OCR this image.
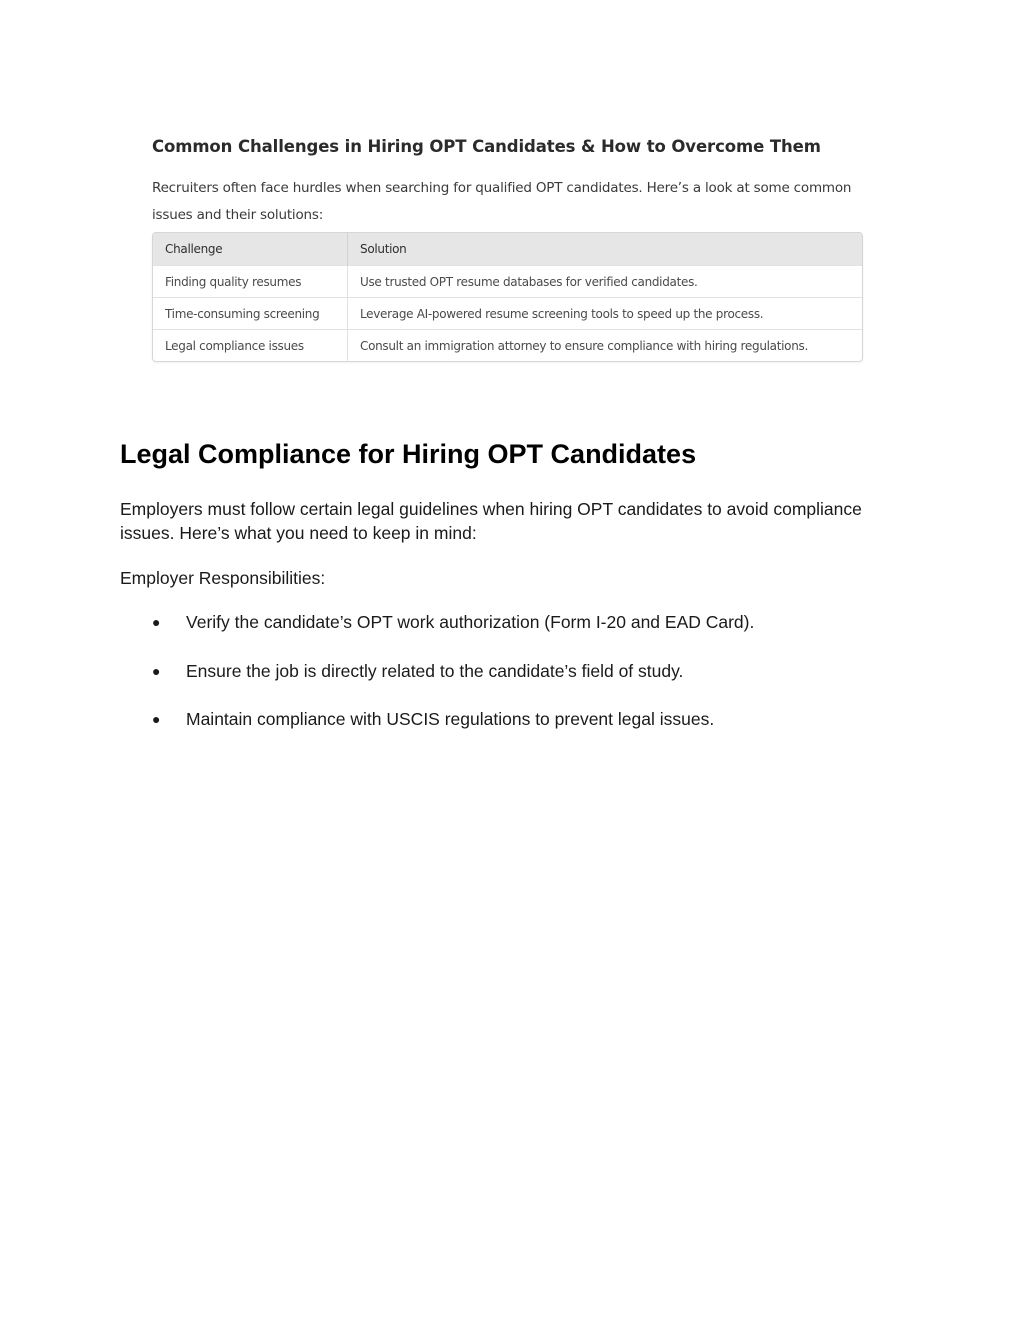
Common Challenges in Hiring OPT Candidates & How to Overcome Them
Recruiters often face hurdles when searching for qualified OPT candidates. Here’s a look at some common issues and their solutions:
Challenge	Solution
Finding quality resumes	Use trusted OPT resume databases for verified candidates.
Time-consuming screening	Leverage AI-powered resume screening tools to speed up the process.
Legal compliance issues	Consult an immigration attorney to ensure compliance with hiring regulations.
Legal Compliance for Hiring OPT Candidates

Employers must follow certain legal guidelines when hiring OPT candidates to avoid compliance issues. Here’s what you need to keep in mind:

Employer Responsibilities:

● Verify the candidate’s OPT work authorization (Form I-20 and EAD Card).
● Ensure the job is directly related to the candidate’s field of study.
● Maintain compliance with USCIS regulations to prevent legal issues.
